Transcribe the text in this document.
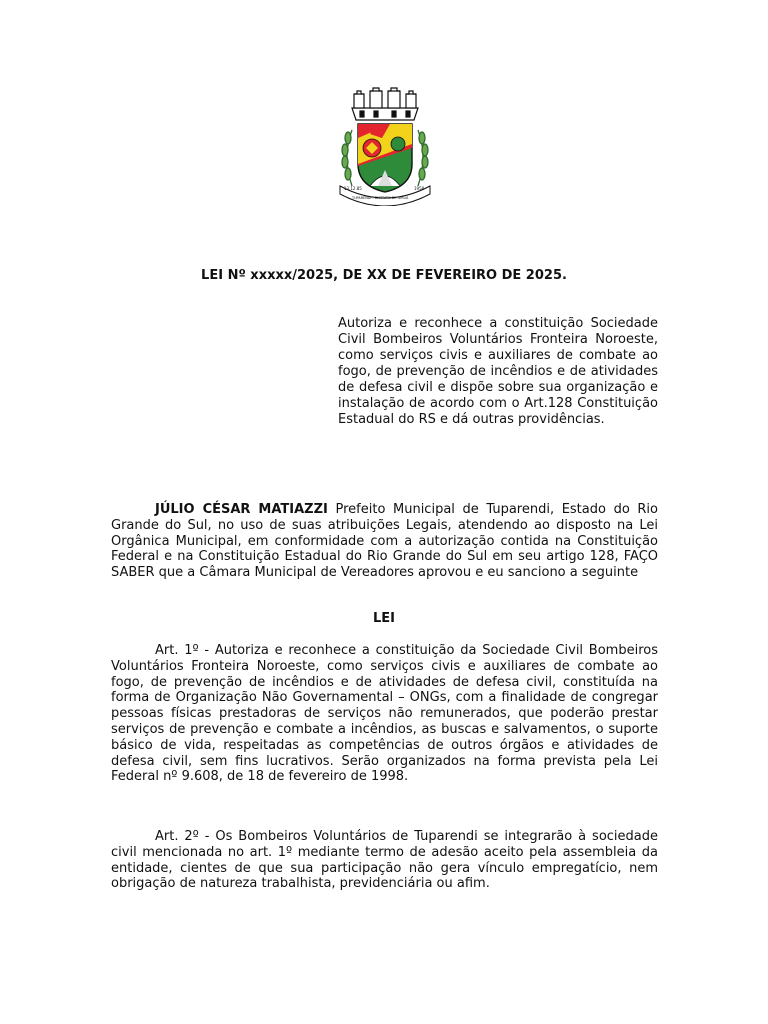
13.12.85	1958
TUPARENDI - DISTRITO DE GIRUÁ
LEI Nº xxxxx/2025, DE XX DE FEVEREIRO DE 2025.
Autoriza e reconhece a constituição Sociedade Civil Bombeiros Voluntários Fronteira Noroeste, como serviços civis e auxiliares de combate ao fogo, de prevenção de incêndios e de atividades de defesa civil e dispõe sobre sua organização e instalação de acordo com o Art.128 Constituição Estadual do RS e dá outras providências.

JÚLIO CÉSAR MATIAZZI Prefeito Municipal de Tuparendi, Estado do Rio Grande do Sul, no uso de suas atribuições Legais, atendendo ao disposto na Lei Orgânica Municipal, em conformidade com a autorização contida na Constituição Federal e na Constituição Estadual do Rio Grande do Sul em seu artigo 128, FAÇO SABER que a Câmara Municipal de Vereadores aprovou e eu sanciono a seguinte

LEI

Art. 1º - Autoriza e reconhece a constituição da Sociedade Civil Bombeiros Voluntários Fronteira Noroeste, como serviços civis e auxiliares de combate ao fogo, de prevenção de incêndios e de atividades de defesa civil, constituída na forma de Organização Não Governamental – ONGs, com a finalidade de congregar pessoas físicas prestadoras de serviços não remunerados, que poderão prestar serviços de prevenção e combate a incêndios, as buscas e salvamentos, o suporte básico de vida, respeitadas as competências de outros órgãos e atividades de defesa civil, sem fins lucrativos. Serão organizados na forma prevista pela Lei Federal nº 9.608, de 18 de fevereiro de 1998.

Art. 2º - Os Bombeiros Voluntários de Tuparendi se integrarão à sociedade civil mencionada no art. 1º mediante termo de adesão aceito pela assembleia da entidade, cientes de que sua participação não gera vínculo empregatício, nem obrigação de natureza trabalhista, previdenciária ou afim.
